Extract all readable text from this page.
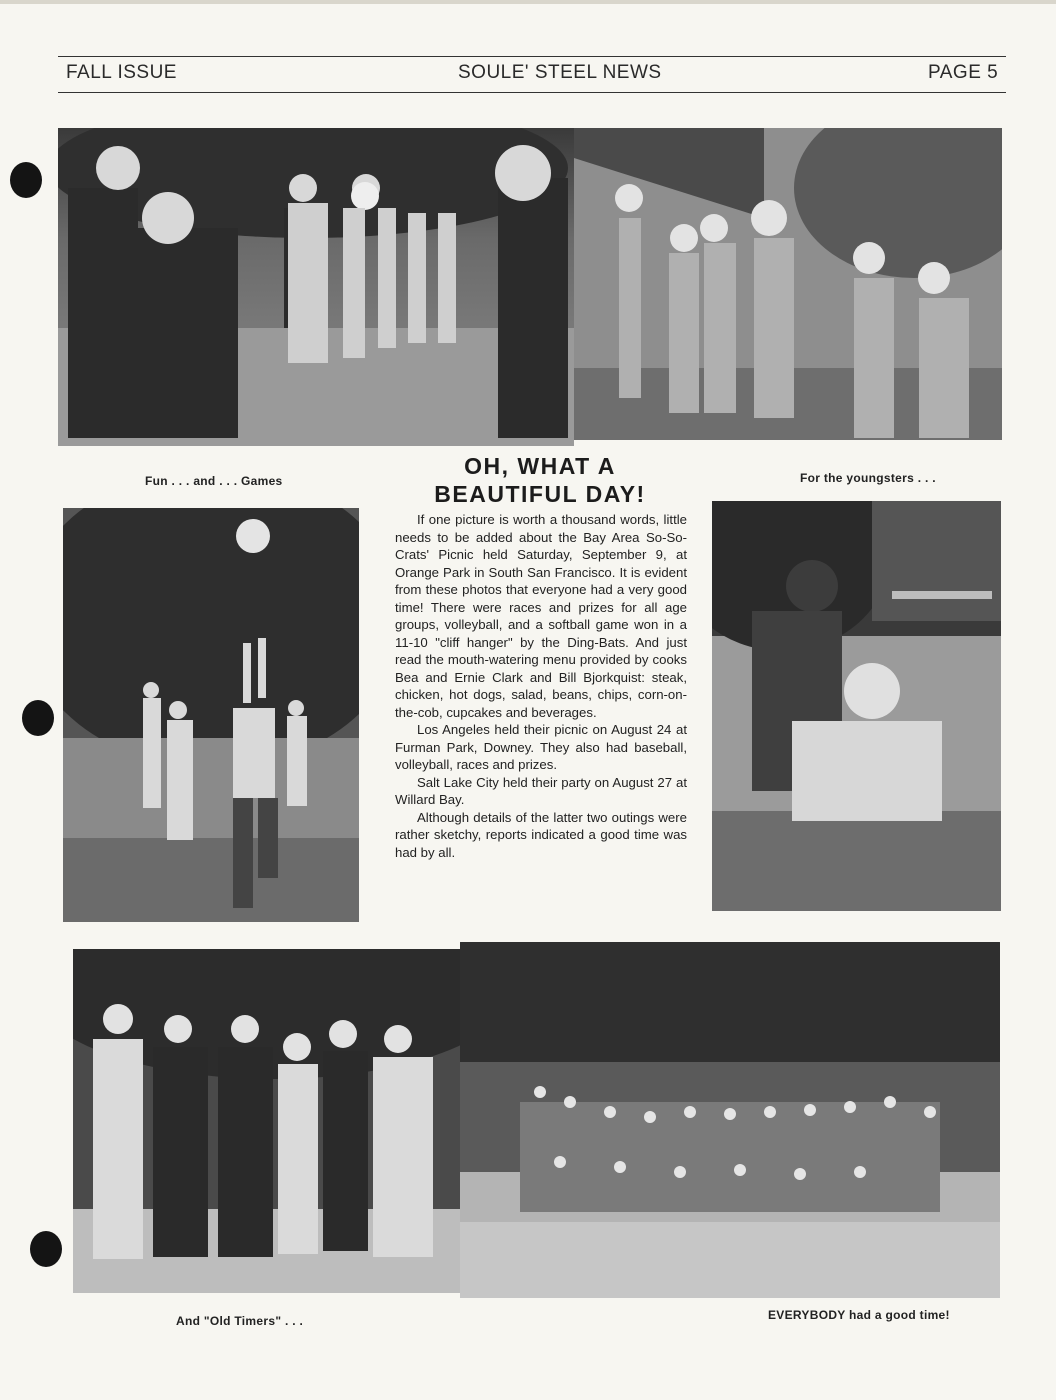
FALL ISSUE	SOULE' STEEL NEWS	PAGE 5
Fun . . . and . . . Games	For the youngsters . . .
OH, WHAT A
BEAUTIFUL DAY!

If one picture is worth a thousand words, little needs to be added about the Bay Area So-So-Crats' Picnic held Saturday, September 9, at Orange Park in South San Francisco. It is evident from these photos that everyone had a very good time! There were races and prizes for all age groups, volleyball, and a softball game won in a 11-10 "cliff hanger" by the Ding-Bats. And just read the mouth-watering menu provided by cooks Bea and Ernie Clark and Bill Bjorkquist: steak, chicken, hot dogs, salad, beans, chips, corn-on-the-cob, cupcakes and beverages.

Los Angeles held their picnic on August 24 at Furman Park, Downey. They also had baseball, volleyball, races and prizes.

Salt Lake City held their party on August 27 at Willard Bay.

Although details of the latter two outings were rather sketchy, reports indicated a good time was had by all.

And "Old Timers" . . .	EVERYBODY had a good time!
